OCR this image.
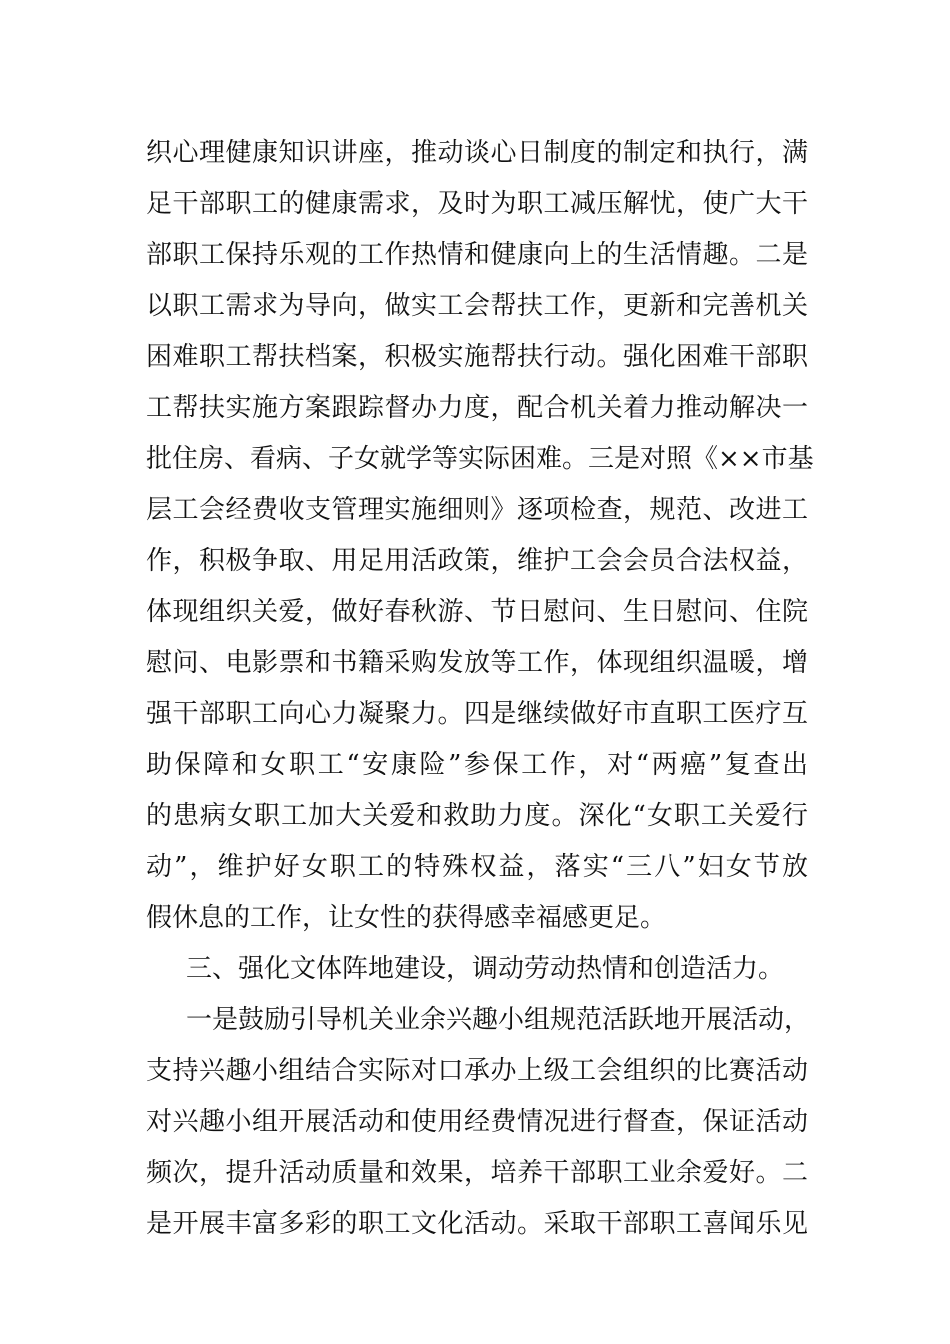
织心理健康知识讲座，推动谈心日制度的制定和执行，满
足干部职工的健康需求，及时为职工减压解忧，使广大干
部职工保持乐观的工作热情和健康向上的生活情趣。二是
以职工需求为导向，做实工会帮扶工作，更新和完善机关
困难职工帮扶档案，积极实施帮扶行动。强化困难干部职
工帮扶实施方案跟踪督办力度，配合机关着力推动解决一
批住房、看病、子女就学等实际困难。三是对照《××市基
层工会经费收支管理实施细则》逐项检查，规范、改进工
作，积极争取、用足用活政策，维护工会会员合法权益，
体现组织关爱，做好春秋游、节日慰问、生日慰问、住院
慰问、电影票和书籍采购发放等工作，体现组织温暖，增
强干部职工向心力凝聚力。四是继续做好市直职工医疗互
助保障和女职工“安康险”参保工作，对“两癌”复查出
的患病女职工加大关爱和救助力度。深化“女职工关爱行
动”，维护好女职工的特殊权益，落实“三八”妇女节放
假休息的工作，让女性的获得感幸福感更足。
三、强化文体阵地建设，调动劳动热情和创造活力。
一是鼓励引导机关业余兴趣小组规范活跃地开展活动，
支持兴趣小组结合实际对口承办上级工会组织的比赛活动
对兴趣小组开展活动和使用经费情况进行督查，保证活动
频次，提升活动质量和效果，培养干部职工业余爱好。二
是开展丰富多彩的职工文化活动。采取干部职工喜闻乐见
